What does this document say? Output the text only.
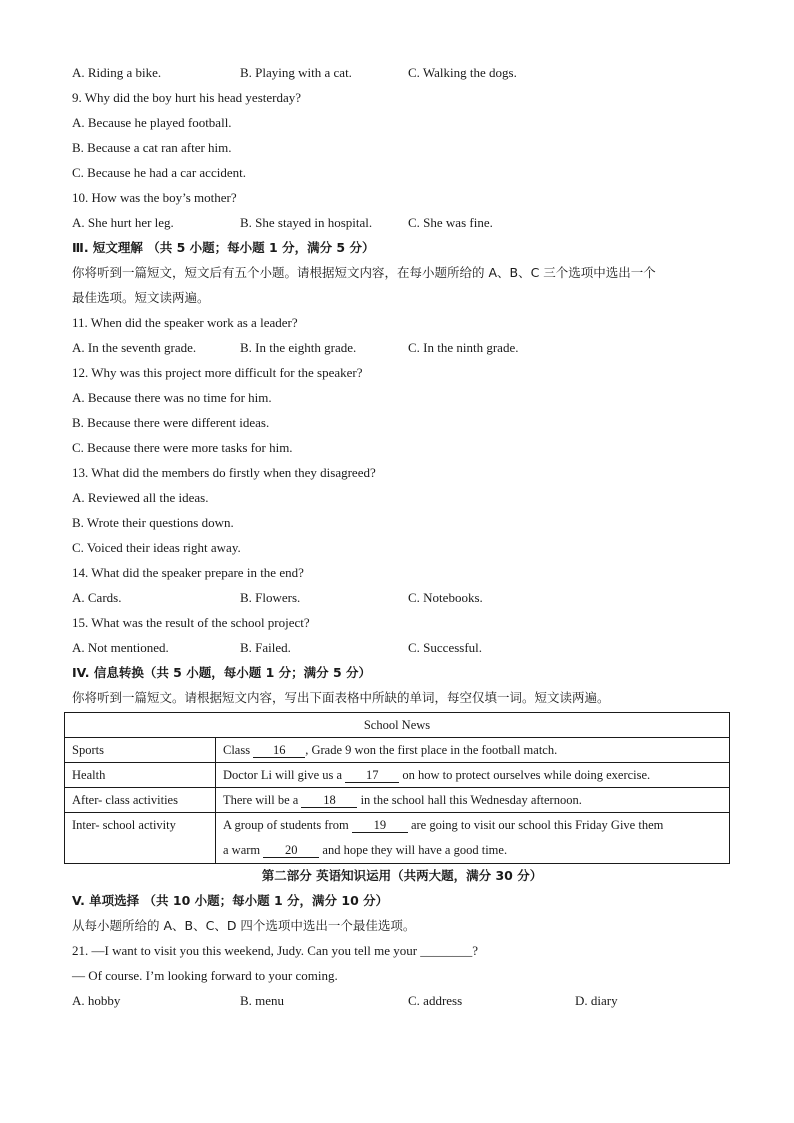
A. Riding a bike.	B. Playing with a cat.	C. Walking the dogs.
9. Why did the boy hurt his head yesterday?
A. Because he played football.
B. Because a cat ran after him.
C. Because he had a car accident.
10. How was the boy’s mother?
A. She hurt her leg.	B. She stayed in hospital.	C. She was fine.
Ⅲ. 短文理解 （共 5 小题；每小题 1 分，满分 5 分）
你将听到一篇短文，短文后有五个小题。请根据短文内容，在每小题所给的 A、B、C 三个选项中选出一个
最佳选项。短文读两遍。
11. When did the speaker work as a leader?
A. In the seventh grade.	B. In the eighth grade.	C. In the ninth grade.
12. Why was this project more difficult for the speaker?
A. Because there was no time for him.
B. Because there were different ideas.
C. Because there were more tasks for him.
13. What did the members do firstly when they disagreed?
A. Reviewed all the ideas.
B. Wrote their questions down.
C. Voiced their ideas right away.
14. What did the speaker prepare in the end?
A. Cards.	B. Flowers.	C. Notebooks.
15. What was the result of the school project?
A. Not mentioned.	B. Failed.	C. Successful.
IV. 信息转换（共 5 小题，每小题 1 分；满分 5 分）
你将听到一篇短文。请根据短文内容，写出下面表格中所缺的单词，每空仅填一词。短文读两遍。
School News	
Sports	Class 16 , Grade 9 won the first place in the football match.
Health	Doctor Li will give us a 17 on how to protect ourselves while doing exercise.
After- class activities	There will be a 18 in the school hall this Wednesday afternoon.
Inter- school activity	A group of students from 19 are going to visit our school this Friday Give them
a warm 20 and hope they will have a good time.
第二部分 英语知识运用（共两大题，满分 30 分）
V. 单项选择 （共 10 小题；每小题 1 分，满分 10 分）
从每小题所给的 A、B、C、D 四个选项中选出一个最佳选项。
21. —I want to visit you this weekend, Judy. Can you tell me your ________?
— Of course. I’m looking forward to your coming.
A. hobby	B. menu	C. address	D. diary
